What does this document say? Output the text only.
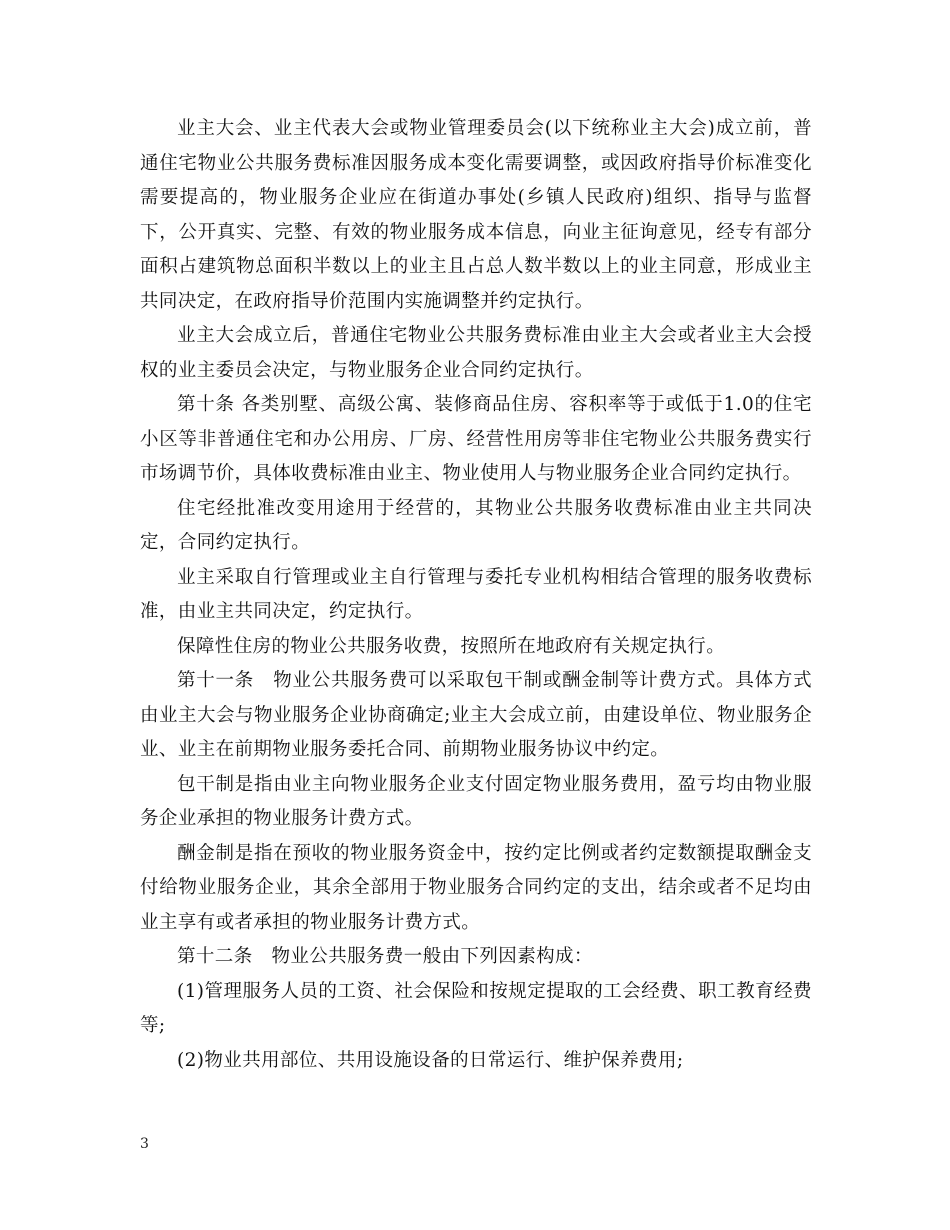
业主大会、业主代表大会或物业管理委员会(以下统称业主大会)成立前，普通住宅物业公共服务费标准因服务成本变化需要调整，或因政府指导价标准变化需要提高的，物业服务企业应在街道办事处(乡镇人民政府)组织、指导与监督下，公开真实、完整、有效的物业服务成本信息，向业主征询意见，经专有部分面积占建筑物总面积半数以上的业主且占总人数半数以上的业主同意，形成业主共同决定，在政府指导价范围内实施调整并约定执行。

业主大会成立后，普通住宅物业公共服务费标准由业主大会或者业主大会授权的业主委员会决定，与物业服务企业合同约定执行。

第十条 各类别墅、高级公寓、装修商品住房、容积率等于或低于1.0的住宅小区等非普通住宅和办公用房、厂房、经营性用房等非住宅物业公共服务费实行市场调节价，具体收费标准由业主、物业使用人与物业服务企业合同约定执行。

住宅经批准改变用途用于经营的，其物业公共服务收费标准由业主共同决定，合同约定执行。

业主采取自行管理或业主自行管理与委托专业机构相结合管理的服务收费标准，由业主共同决定，约定执行。

保障性住房的物业公共服务收费，按照所在地政府有关规定执行。

第十一条　物业公共服务费可以采取包干制或酬金制等计费方式。具体方式由业主大会与物业服务企业协商确定;业主大会成立前，由建设单位、物业服务企业、业主在前期物业服务委托合同、前期物业服务协议中约定。

包干制是指由业主向物业服务企业支付固定物业服务费用，盈亏均由物业服务企业承担的物业服务计费方式。

酬金制是指在预收的物业服务资金中，按约定比例或者约定数额提取酬金支付给物业服务企业，其余全部用于物业服务合同约定的支出，结余或者不足均由业主享有或者承担的物业服务计费方式。

第十二条　物业公共服务费一般由下列因素构成：

(1)管理服务人员的工资、社会保险和按规定提取的工会经费、职工教育经费等;

(2)物业共用部位、共用设施设备的日常运行、维护保养费用;

3
